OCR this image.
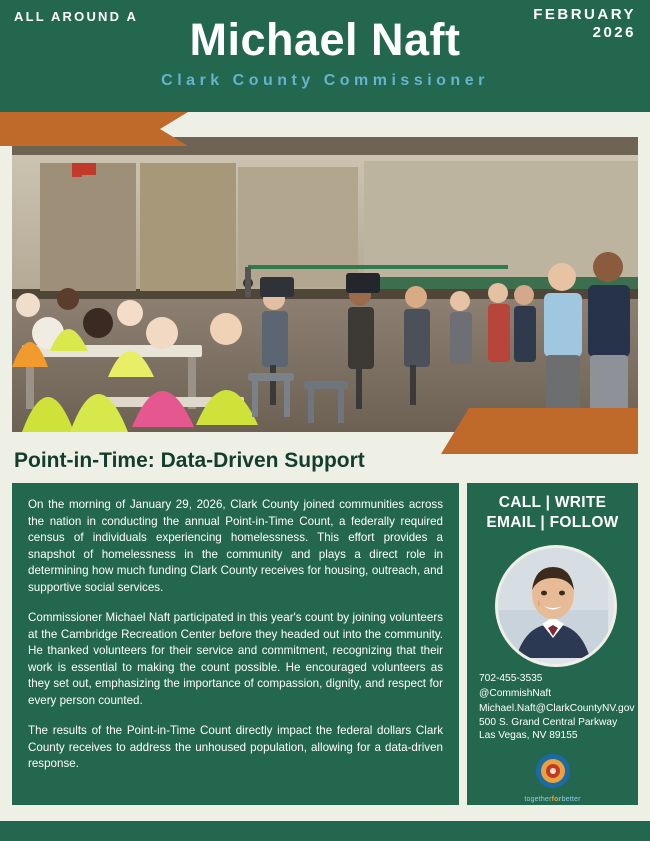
Michael Naft
Clark County Commissioner
ALL AROUND A	FEBRUARY
2026
Point-in-Time: Data-Driven Support

On the morning of January 29, 2026, Clark County joined communities across the nation in conducting the annual Point-in-Time Count, a federally required census of individuals experiencing homelessness. This effort provides a snapshot of homelessness in the community and plays a direct role in determining how much funding Clark County receives for housing, outreach, and supportive social services.

Commissioner Michael Naft participated in this year's count by joining volunteers at the Cambridge Recreation Center before they headed out into the community. He thanked volunteers for their service and commitment, recognizing that their work is essential to making the count possible. He encouraged volunteers as they set out, emphasizing the importance of compassion, dignity, and respect for every person counted.

The results of the Point-in-Time Count directly impact the federal dollars Clark County receives to address the unhoused population, allowing for a data-driven response.

CALL | WRITE
EMAIL | FOLLOW
702-455-3535
@CommishNaft
Michael.Naft@ClarkCountyNV.gov
500 S. Grand Central Parkway
Las Vegas, NV 89155
togetherforbetter
